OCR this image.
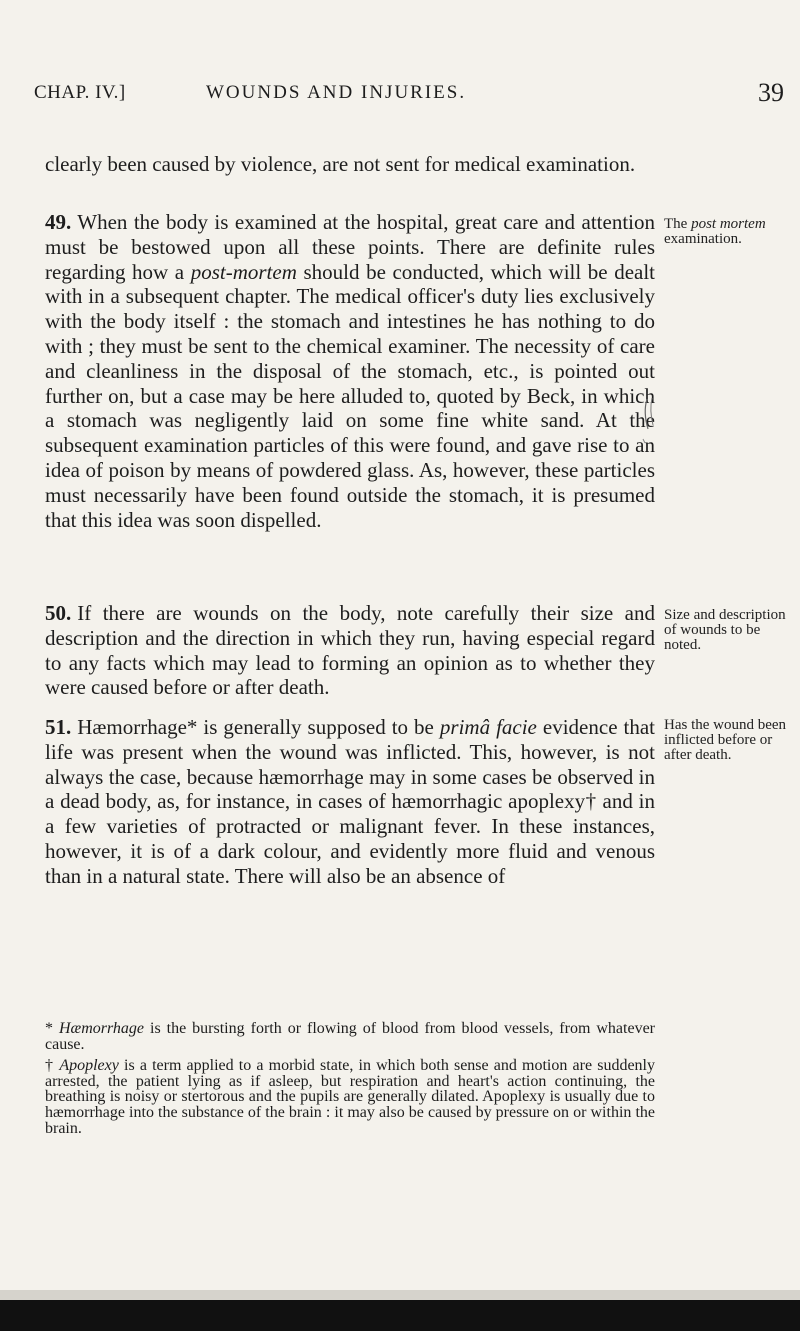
CHAP. IV.]	WOUNDS AND INJURIES.	39

clearly been caused by violence, are not sent for medical examination.

49. When the body is examined at the hospital, great care and attention must be bestowed upon all these points. There are definite rules regarding how a post-mortem should be conducted, which will be dealt with in a subsequent chapter. The medical officer's duty lies exclusively with the body itself : the stomach and intestines he has nothing to do with ; they must be sent to the chemical examiner. The necessity of care and cleanliness in the disposal of the stomach, etc., is pointed out further on, but a case may be here alluded to, quoted by Beck, in which a stomach was negligently laid on some fine white sand. At the subsequent examination particles of this were found, and gave rise to an idea of poison by means of powdered glass. As, however, these particles must necessarily have been found outside the stomach, it is presumed that this idea was soon dispelled.

50. If there are wounds on the body, note carefully their size and description and the direction in which they run, having especial regard to any facts which may lead to forming an opinion as to whether they were caused before or after death.

51. Hæmorrhage* is generally supposed to be primâ facie evidence that life was present when the wound was inflicted. This, however, is not always the case, because hæmorrhage may in some cases be observed in a dead body, as, for instance, in cases of hæmorrhagic apoplexy† and in a few varieties of protracted or malignant fever. In these instances, however, it is of a dark colour, and evidently more fluid and venous than in a natural state. There will also be an absence of

The post mortem examination.
Size and description of wounds to be noted.
Has the wound been inflicted before or after death.

* Hæmorrhage is the bursting forth or flowing of blood from blood vessels, from whatever cause.

† Apoplexy is a term applied to a morbid state, in which both sense and motion are suddenly arrested, the patient lying as if asleep, but respiration and heart's action continuing, the breathing is noisy or stertorous and the pupils are generally dilated. Apoplexy is usually due to hæmorrhage into the substance of the brain : it may also be caused by pressure on or within the brain.
